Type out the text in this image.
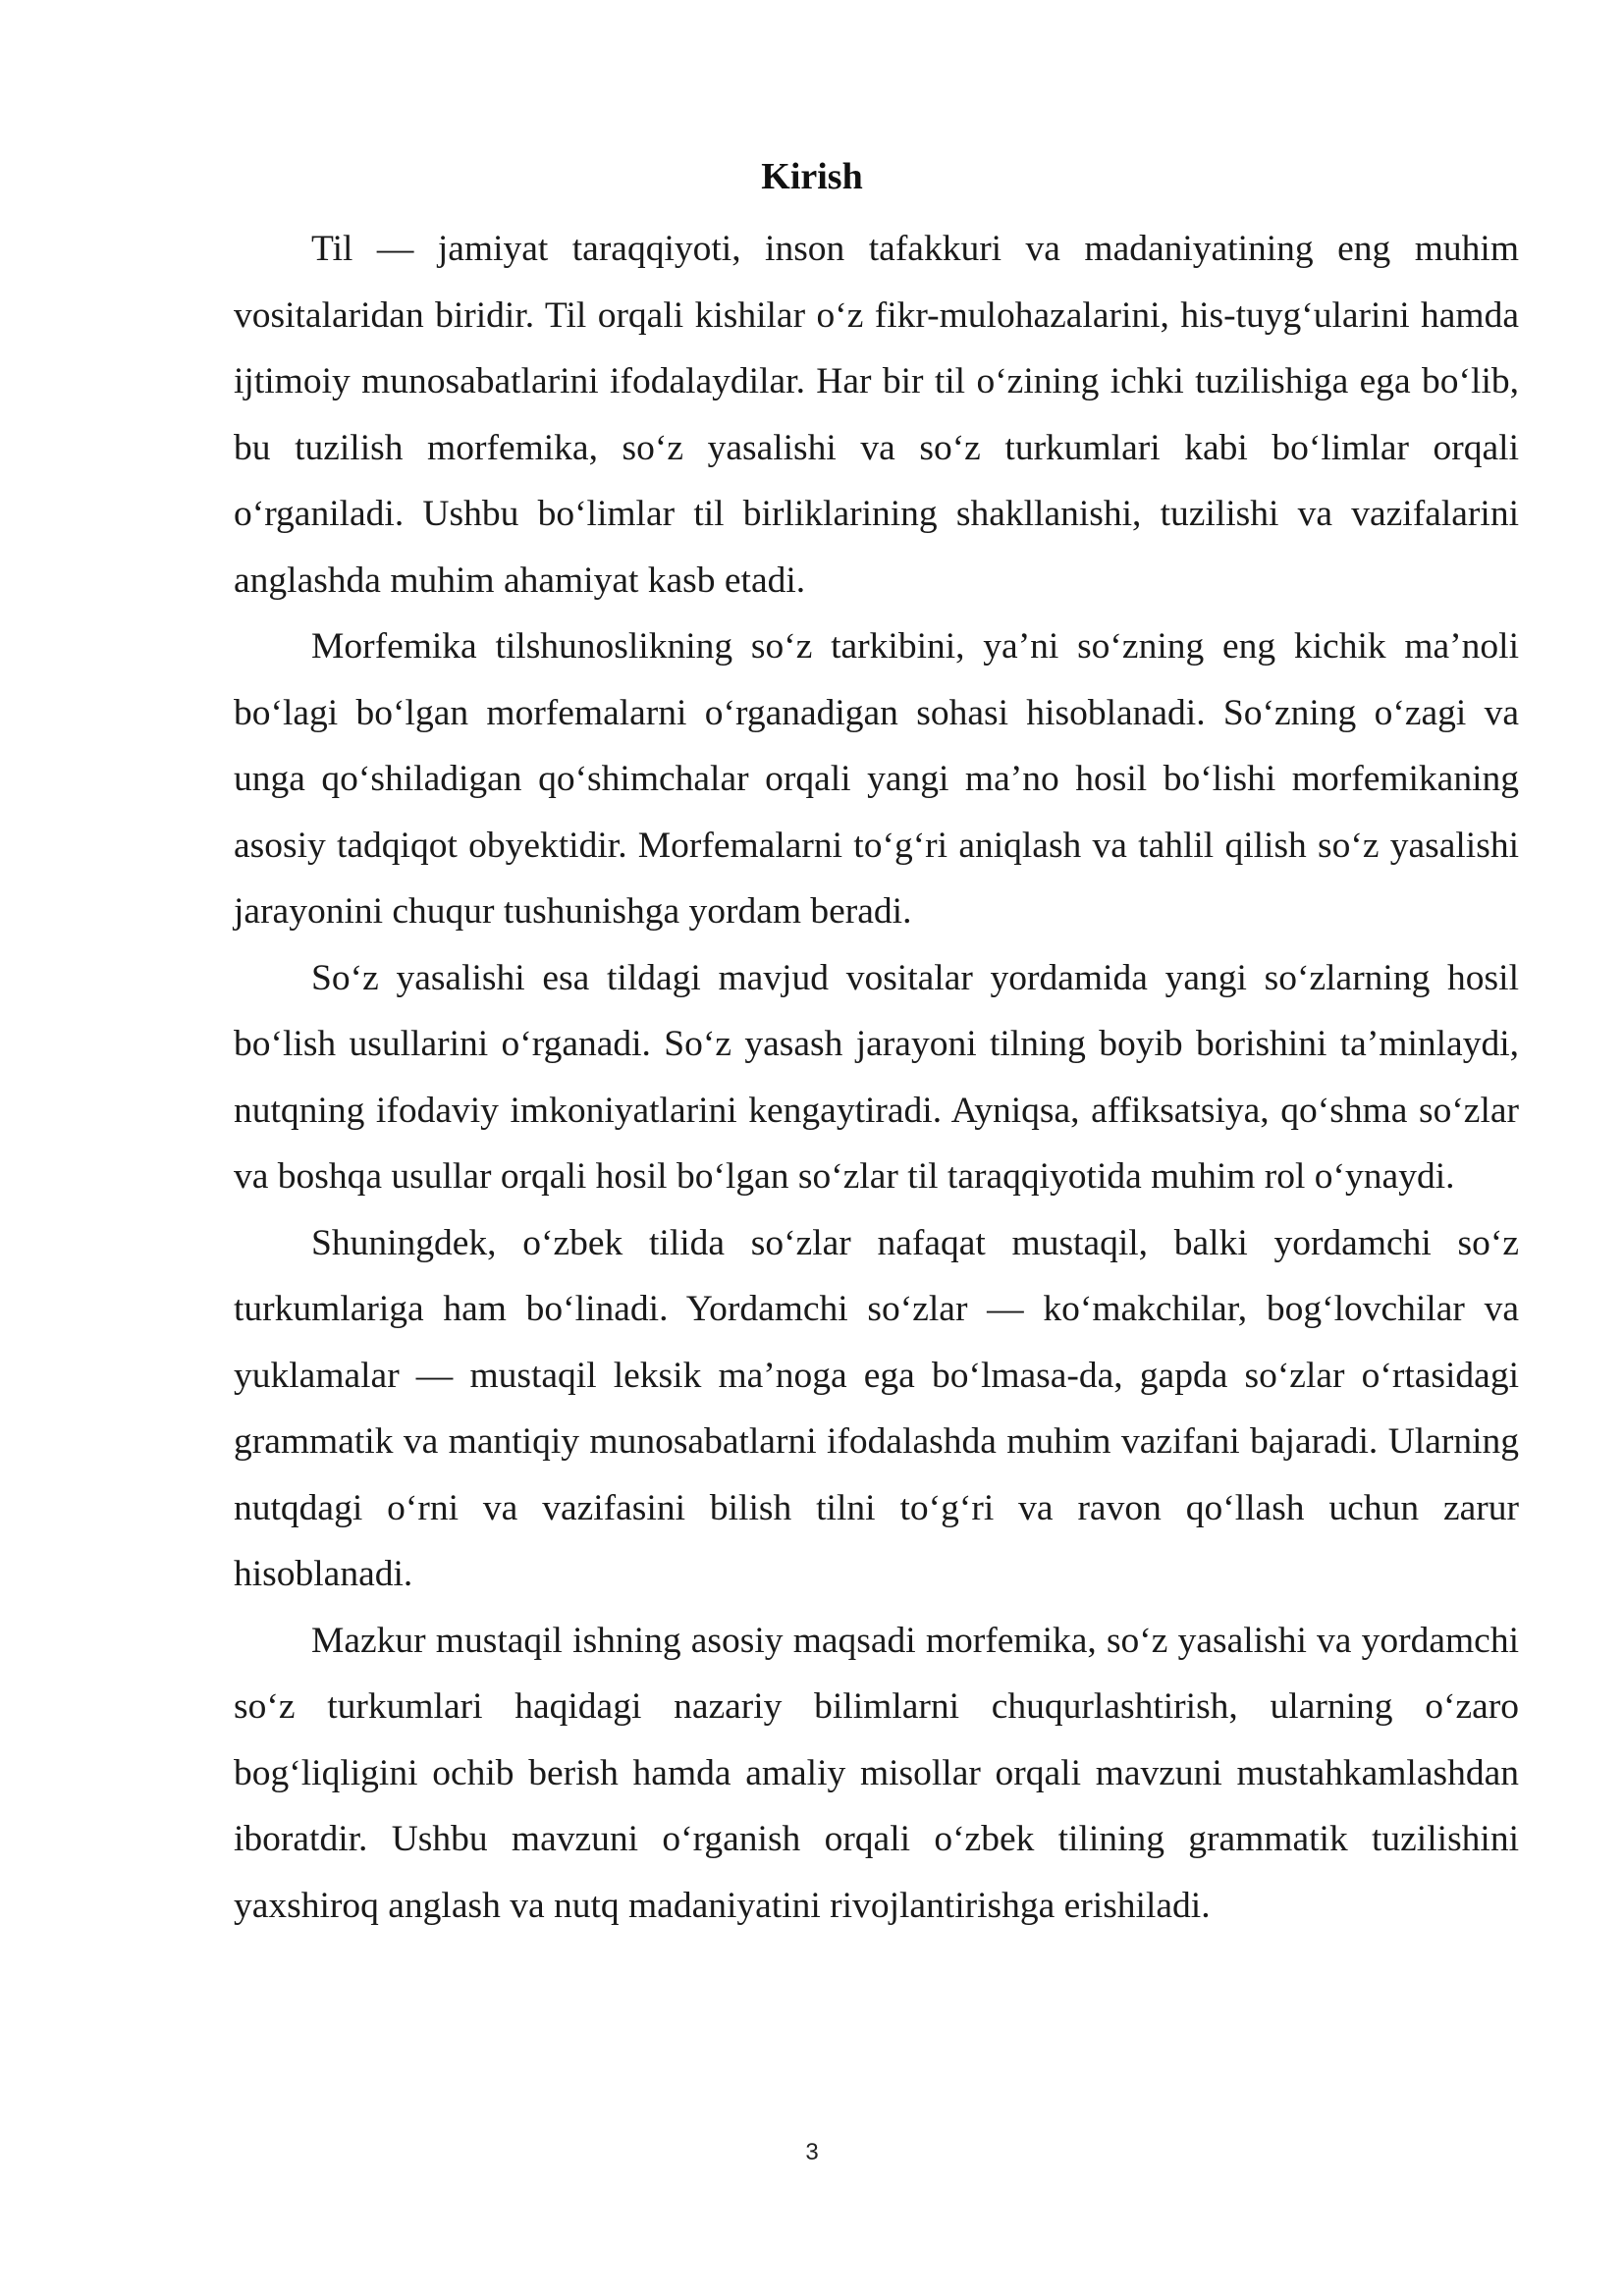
Kirish

Til — jamiyat taraqqiyoti, inson tafakkuri va madaniyatining eng muhim vositalaridan biridir. Til orqali kishilar o‘z fikr-mulohazalarini, his-tuyg‘ularini hamda ijtimoiy munosabatlarini ifodalaydilar. Har bir til o‘zining ichki tuzilishiga ega bo‘lib, bu tuzilish morfemika, so‘z yasalishi va so‘z turkumlari kabi bo‘limlar orqali o‘rganiladi. Ushbu bo‘limlar til birliklarining shakllanishi, tuzilishi va vazifalarini anglashda muhim ahamiyat kasb etadi.

Morfemika tilshunoslikning so‘z tarkibini, ya’ni so‘zning eng kichik ma’noli bo‘lagi bo‘lgan morfemalarni o‘rganadigan sohasi hisoblanadi. So‘zning o‘zagi va unga qo‘shiladigan qo‘shimchalar orqali yangi ma’no hosil bo‘lishi morfemikaning asosiy tadqiqot obyektidir. Morfemalarni to‘g‘ri aniqlash va tahlil qilish so‘z yasalishi jarayonini chuqur tushunishga yordam beradi.

So‘z yasalishi esa tildagi mavjud vositalar yordamida yangi so‘zlarning hosil bo‘lish usullarini o‘rganadi. So‘z yasash jarayoni tilning boyib borishini ta’minlaydi, nutqning ifodaviy imkoniyatlarini kengaytiradi. Ayniqsa, affiksatsiya, qo‘shma so‘zlar va boshqa usullar orqali hosil bo‘lgan so‘zlar til taraqqiyotida muhim rol o‘ynaydi.

Shuningdek, o‘zbek tilida so‘zlar nafaqat mustaqil, balki yordamchi so‘z turkumlariga ham bo‘linadi. Yordamchi so‘zlar — ko‘makchilar, bog‘lovchilar va yuklamalar — mustaqil leksik ma’noga ega bo‘lmasa-da, gapda so‘zlar o‘rtasidagi grammatik va mantiqiy munosabatlarni ifodalashda muhim vazifani bajaradi. Ularning nutqdagi o‘rni va vazifasini bilish tilni to‘g‘ri va ravon qo‘llash uchun zarur hisoblanadi.

Mazkur mustaqil ishning asosiy maqsadi morfemika, so‘z yasalishi va yordamchi so‘z turkumlari haqidagi nazariy bilimlarni chuqurlashtirish, ularning o‘zaro bog‘liqligini ochib berish hamda amaliy misollar orqali mavzuni mustahkamlashdan iboratdir. Ushbu mavzuni o‘rganish orqali o‘zbek tilining grammatik tuzilishini yaxshiroq anglash va nutq madaniyatini rivojlantirishga erishiladi.

3
